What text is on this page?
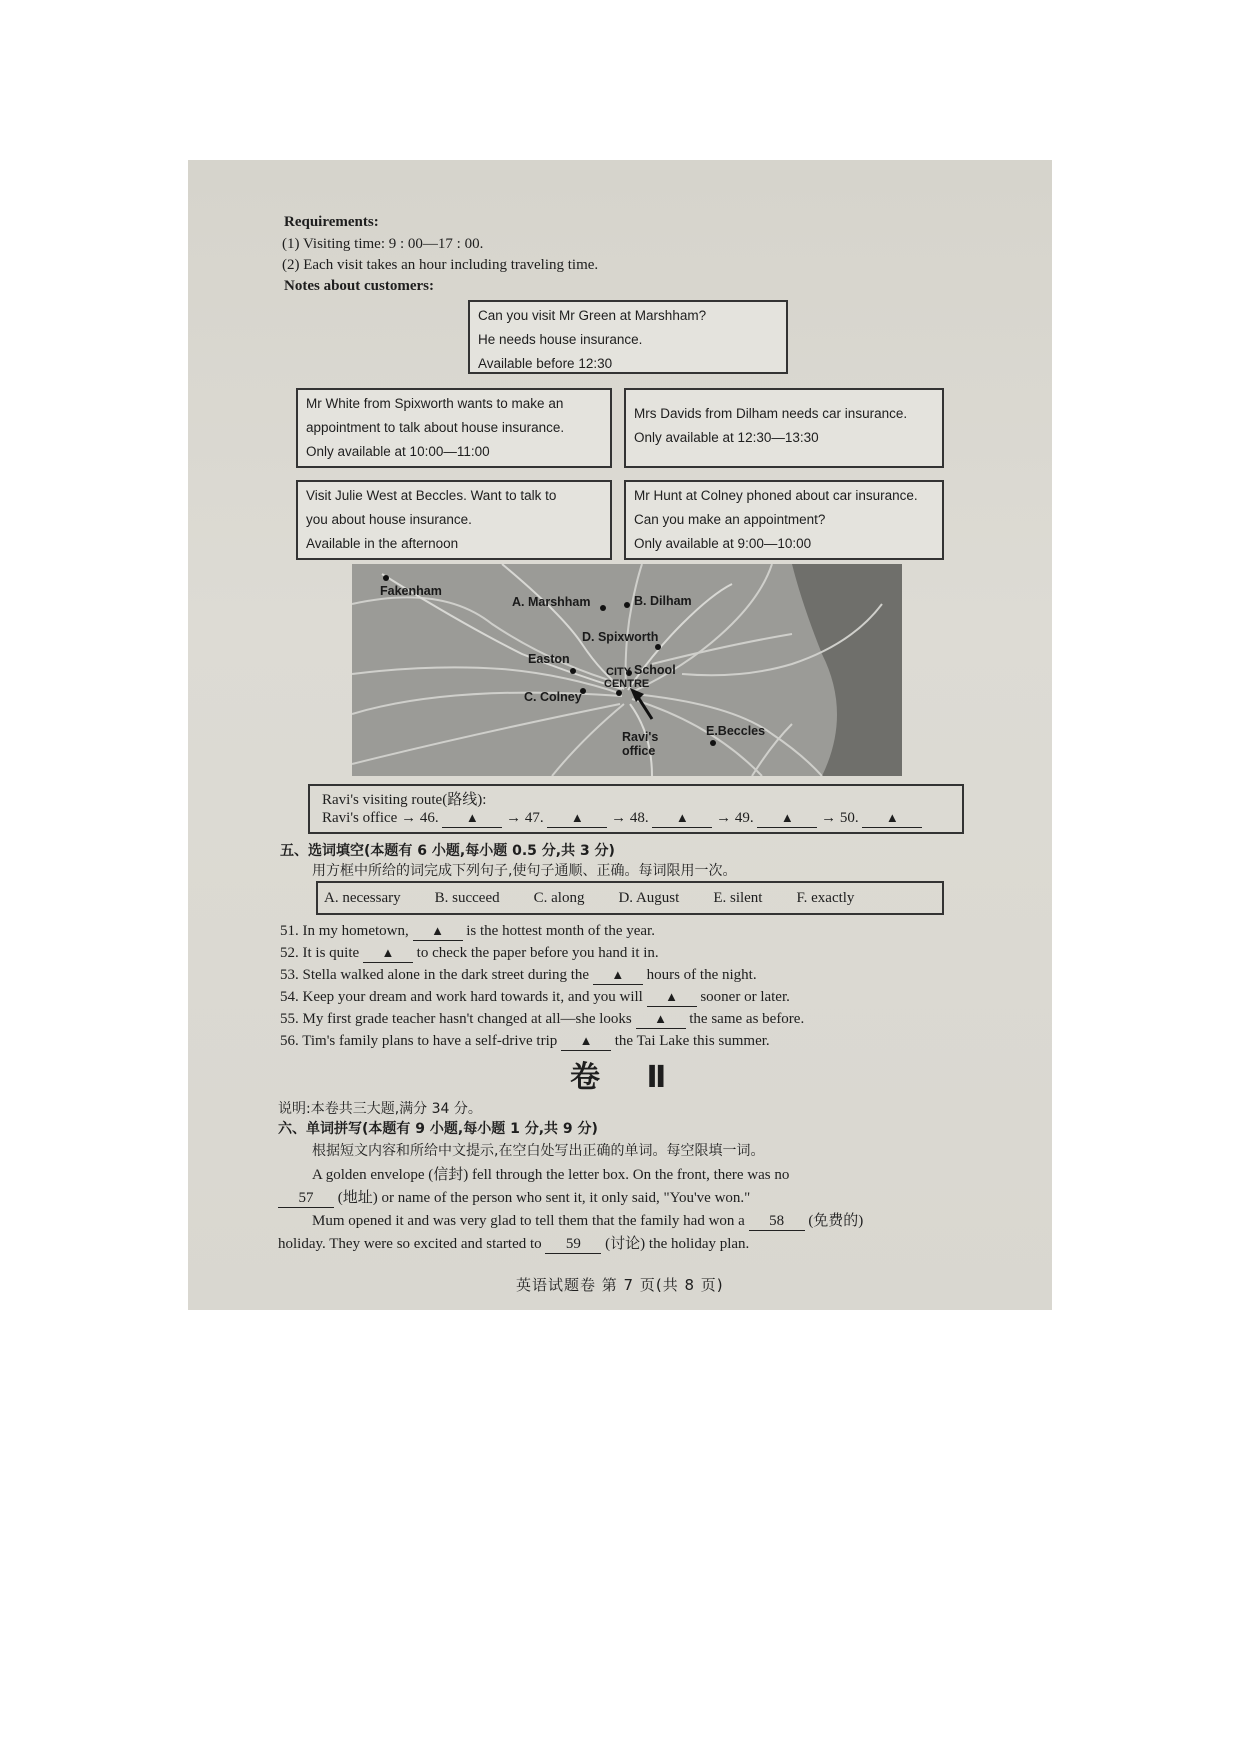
Requirements:
(1) Visiting time: 9 : 00—17 : 00.
(2) Each visit takes an hour including traveling time.
Notes about customers:
Can you visit Mr Green at Marshham?
He needs house insurance.
Available before 12:30
Mr White from Spixworth wants to make an
appointment to talk about house insurance.
Only available at 10:00—11:00
Mrs Davids from Dilham needs car insurance.
Only available at 12:30—13:30
Visit Julie West at Beccles. Want to talk to
you about house insurance.
Available in the afternoon
Mr Hunt at Colney phoned about car insurance.
Can you make an appointment?
Only available at 9:00—10:00
Fakenham
A. Marshham	B. Dilham
D. Spixworth
Easton
School
CITY
CENTRE
C. Colney
Ravi's
office
E.Beccles
Ravi's visiting route(路线):
Ravi's office → 46. ▲ → 47. ▲ → 48. ▲ → 49. ▲ → 50. ▲
五、选词填空(本题有 6 小题,每小题 0.5 分,共 3 分)
用方框中所给的词完成下列句子,使句子通顺、正确。每词限用一次。
A. necessary B. succeed C. along D. August E. silent F. exactly
51. In my hometown, ▲ is the hottest month of the year.
52. It is quite ▲ to check the paper before you hand it in.
53. Stella walked alone in the dark street during the ▲ hours of the night.
54. Keep your dream and work hard towards it, and you will ▲ sooner or later.
55. My first grade teacher hasn't changed at all—she looks ▲ the same as before.
56. Tim's family plans to have a self-drive trip ▲ the Tai Lake this summer.
卷 Ⅱ
说明:本卷共三大题,满分 34 分。
六、单词拼写(本题有 9 小题,每小题 1 分,共 9 分)
根据短文内容和所给中文提示,在空白处写出正确的单词。每空限填一词。
A golden envelope (信封) fell through the letter box. On the front, there was no
57 (地址) or name of the person who sent it, it only said, "You've won."
Mum opened it and was very glad to tell them that the family had won a 58 (免费的)
holiday. They were so excited and started to 59 (讨论) the holiday plan.
英语试题卷 第 7 页(共 8 页)
